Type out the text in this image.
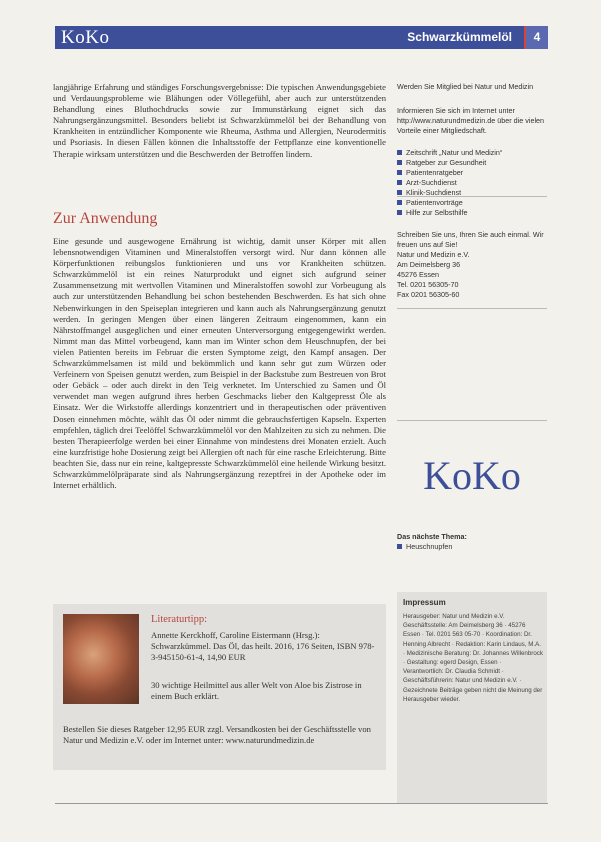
KoKo	Schwarzkümmelöl	4

langjährige Erfahrung und ständiges Forschungsvergebnisse: Die typischen Anwendungsgebiete und Verdauungsprobleme wie Blähungen oder Völlegefühl, aber auch zur unterstützenden Behandlung eines Bluthochdrucks sowie zur Immunstärkung eignet sich das Nahrungsergänzungsmittel. Besonders beliebt ist Schwarzkümmelöl bei der Behandlung von Krankheiten in entzündlicher Komponente wie Rheuma, Asthma und Allergien, Neurodermitis und Psoriasis. In diesen Fällen können die Inhaltsstoffe der Fettpflanze eine konventionelle Therapie wirksam unterstützen und die Beschwerden der Betroffen lindern.

Zur Anwendung

Eine gesunde und ausgewogene Ernährung ist wichtig, damit unser Körper mit allen lebensnotwendigen Vitaminen und Mineralstoffen versorgt wird. Nur dann können alle Körperfunktionen reibungslos funktionieren und uns vor Krankheiten schützen. Schwarzkümmelöl ist ein reines Naturprodukt und eignet sich aufgrund seiner Zusammensetzung mit wertvollen Vitaminen und Mineralstoffen sowohl zur Vorbeugung als auch zur unterstützenden Behandlung bei schon bestehenden Beschwerden. Es hat sich ohne Nebenwirkungen in den Speiseplan integrieren und kann auch als Nahrungsergänzung genutzt werden. In geringen Mengen über einen längeren Zeitraum eingenommen, kann ein Nährstoffmangel ausgeglichen und einer erneuten Unterversorgung entgegengewirkt werden. Nimmt man das Mittel vorbeugend, kann man im Winter schon dem Heuschnupfen, der bei vielen Patienten bereits im Februar die ersten Symptome zeigt, den Kampf ansagen. Der Schwarzkümmelsamen ist mild und bekömmlich und kann sehr gut zum Würzen oder Verfeinern von Speisen genutzt werden, zum Beispiel in der Backstube zum Bestreuen von Brot oder Gebäck – oder auch direkt in den Teig verknetet. Im Unterschied zu Samen und Öl verwendet man wegen aufgrund ihres herben Geschmacks lieber den Kaltgepresst Öle als Einsatz. Wer die Wirkstoffe allerdings konzentriert und in therapeutischen oder präventiven Dosen einnehmen möchte, wählt das Öl oder nimmt die gebrauchsfertigen Kapseln. Experten empfehlen, täglich drei Teelöffel Schwarzkümmelöl vor den Mahlzeiten zu sich zu nehmen. Die besten Therapieerfolge werden bei einer Einnahme von mindestens drei Monaten erzielt. Auch eine kurzfristige hohe Dosierung zeigt bei Allergien oft nach für eine rasche Erleichterung. Bitte beachten Sie, dass nur ein reine, kaltgepresste Schwarzkümmelöl eine heilende Wirkung besitzt. Schwarzkümmelölpräparate sind als Nahrungsergänzung rezeptfrei in der Apotheke oder im Internet erhältlich.

Literaturtipp:

Annette Kerckhoff, Caroline Eistermann (Hrsg.): Schwarzkümmel. Das Öl, das heilt. 2016, 176 Seiten, ISBN 978-3-945150-61-4, 14,90 EUR

30 wichtige Heilmittel aus aller Welt von Aloe bis Zistrose in einem Buch erklärt.

Bestellen Sie dieses Ratgeber 12,95 EUR zzgl. Versandkosten bei der Geschäftsstelle von Natur und Medizin e.V. oder im Internet unter: www.naturundmedizin.de

Werden Sie Mitglied bei Natur und Medizin

Informieren Sie sich im Internet unter http://www.naturundmedizin.de über die vielen Vorteile einer Mitgliedschaft.

Zeitschrift „Natur und Medizin“
Ratgeber zur Gesundheit
Patientenratgeber
Arzt-Suchdienst
Klinik-Suchdienst
Patientenvorträge
Hilfe zur Selbsthilfe

Schreiben Sie uns, Ihren Sie auch einmal. Wir freuen uns auf Sie!

Natur und Medizin e.V.

Am Deimelsberg 36

45276 Essen

Tel. 0201 56305-70

Fax 0201 56305-60

KoKo

Das nächste Thema:

Heuschnupfen
Impressum

Herausgeber: Natur und Medizin e.V. Geschäftsstelle: Am Deimelsberg 36 · 45276 Essen · Tel. 0201 563 05-70 · Koordination: Dr. Henning Albrecht · Redaktion: Karin Lindaus, M.A. · Medizinische Beratung: Dr. Johannes Willenbrock · Gestaltung: egerd Design, Essen · Verantwortlich: Dr. Claudia Schmidt · Geschäftsführerin: Natur und Medizin e.V. · Gezeichnete Beiträge geben nicht die Meinung der Herausgeber wieder.
